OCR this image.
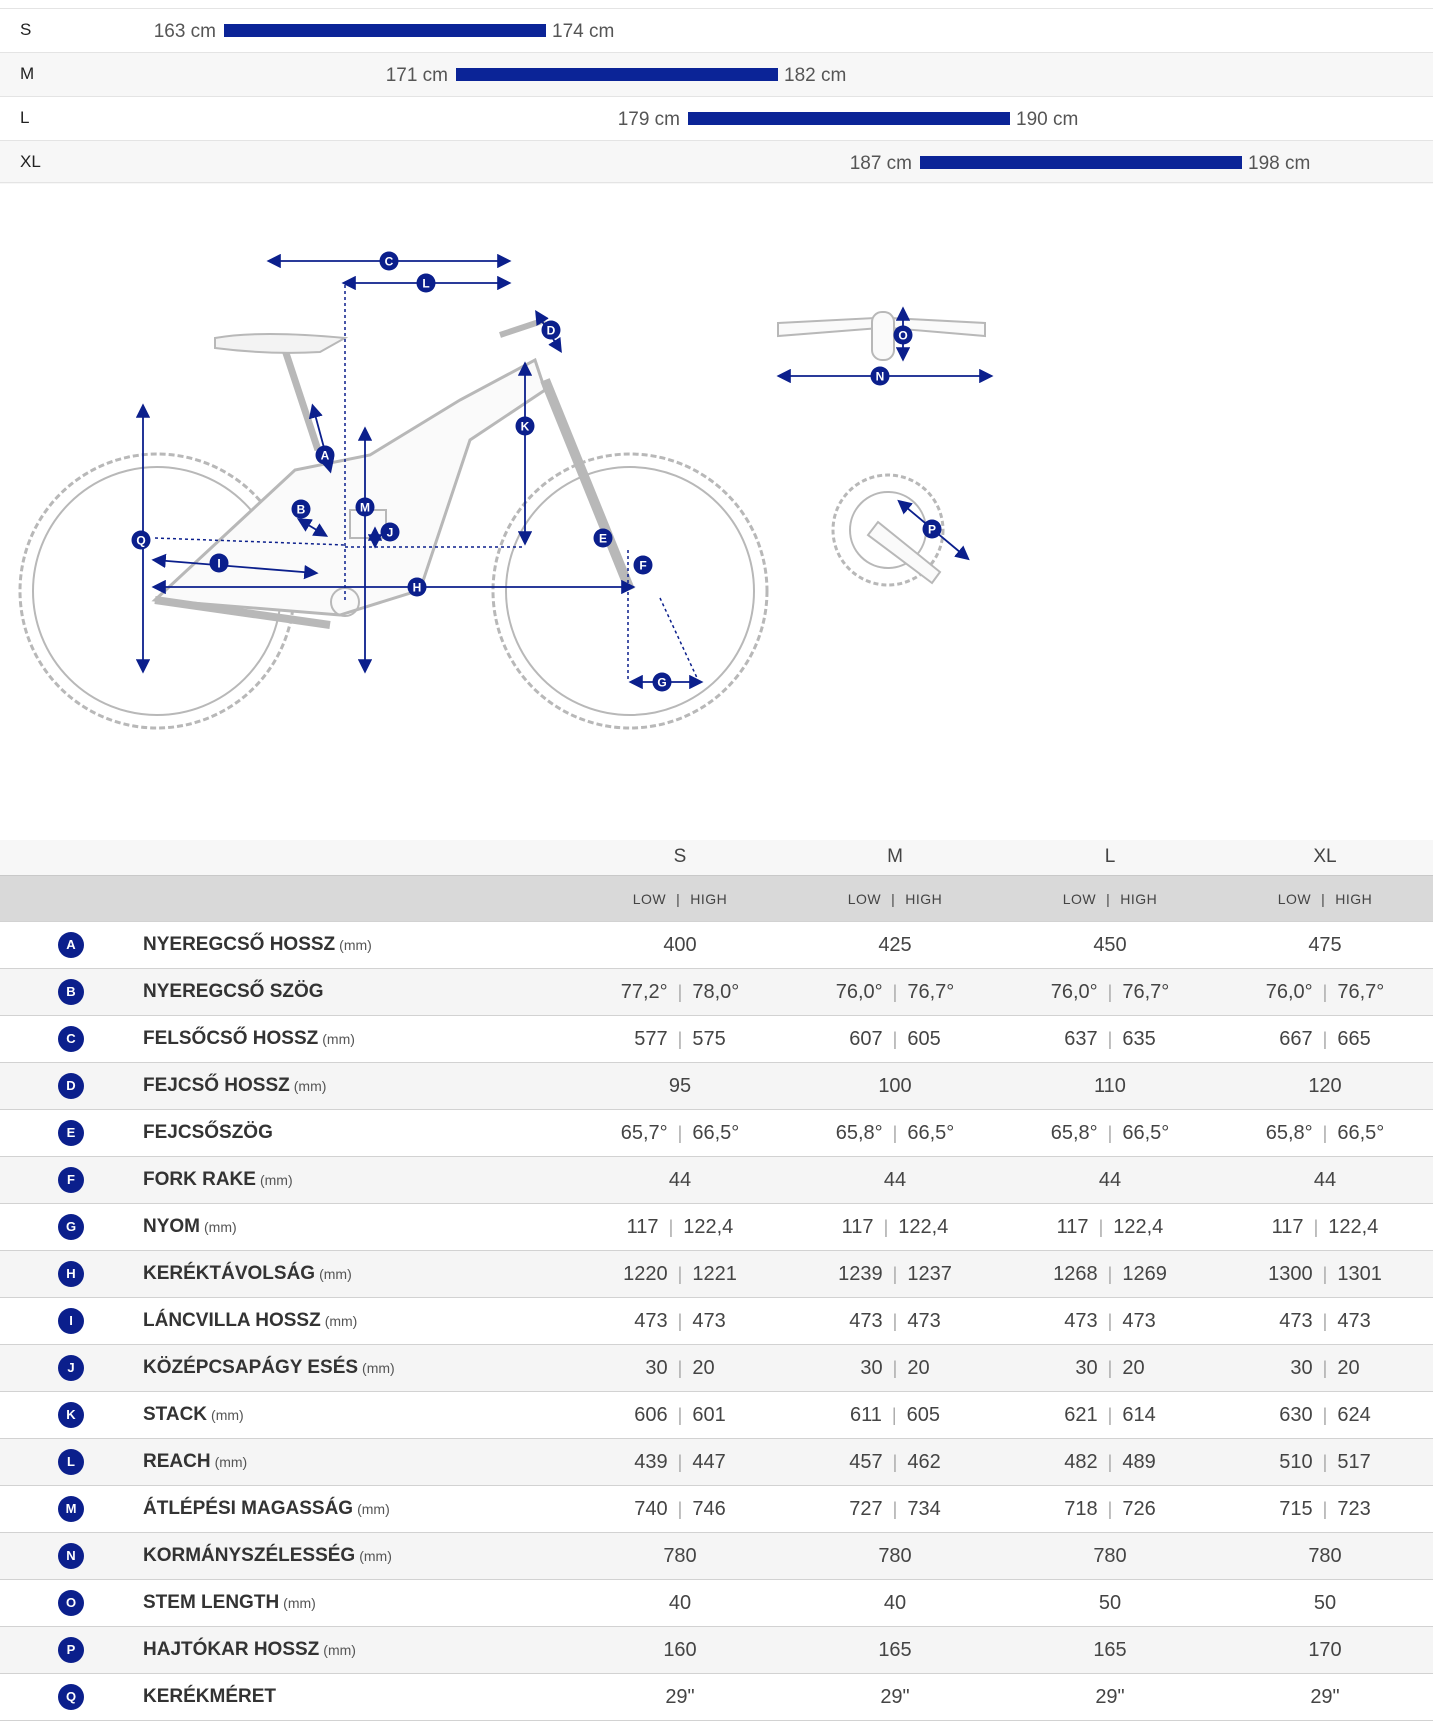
S	163 cm	174 cm
M	171 cm	182 cm
L	179 cm	190 cm
XL	187 cm	198 cm
A
B
C
D
E
F
G
H
I
J
K
L
M
N
O
P
Q
S	M	L	XL
LOW | HIGH	LOW | HIGH	LOW | HIGH	LOW | HIGH
A	NYEREGCSŐ HOSSZ (mm)	400	425	450	475
B	NYEREGCSŐ SZÖG	77,2° | 78,0°	76,0° | 76,7°	76,0° | 76,7°	76,0° | 76,7°
C	FELSŐCSŐ HOSSZ (mm)	577 | 575	607 | 605	637 | 635	667 | 665
D	FEJCSŐ HOSSZ (mm)	95	100	110	120
E	FEJCSŐSZÖG	65,7° | 66,5°	65,8° | 66,5°	65,8° | 66,5°	65,8° | 66,5°
F	FORK RAKE (mm)	44	44	44	44
G	NYOM (mm)	117 | 122,4	117 | 122,4	117 | 122,4	117 | 122,4
H	KERÉKTÁVOLSÁG (mm)	1220 | 1221	1239 | 1237	1268 | 1269	1300 | 1301
I	LÁNCVILLA HOSSZ (mm)	473 | 473	473 | 473	473 | 473	473 | 473
J	KÖZÉPCSAPÁGY ESÉS (mm)	30 | 20	30 | 20	30 | 20	30 | 20
K	STACK (mm)	606 | 601	611 | 605	621 | 614	630 | 624
L	REACH (mm)	439 | 447	457 | 462	482 | 489	510 | 517
M	ÁTLÉPÉSI MAGASSÁG (mm)	740 | 746	727 | 734	718 | 726	715 | 723
N	KORMÁNYSZÉLESSÉG (mm)	780	780	780	780
O	STEM LENGTH (mm)	40	40	50	50
P	HAJTÓKAR HOSSZ (mm)	160	165	165	170
Q	KERÉKMÉRET	29"	29"	29"	29"
